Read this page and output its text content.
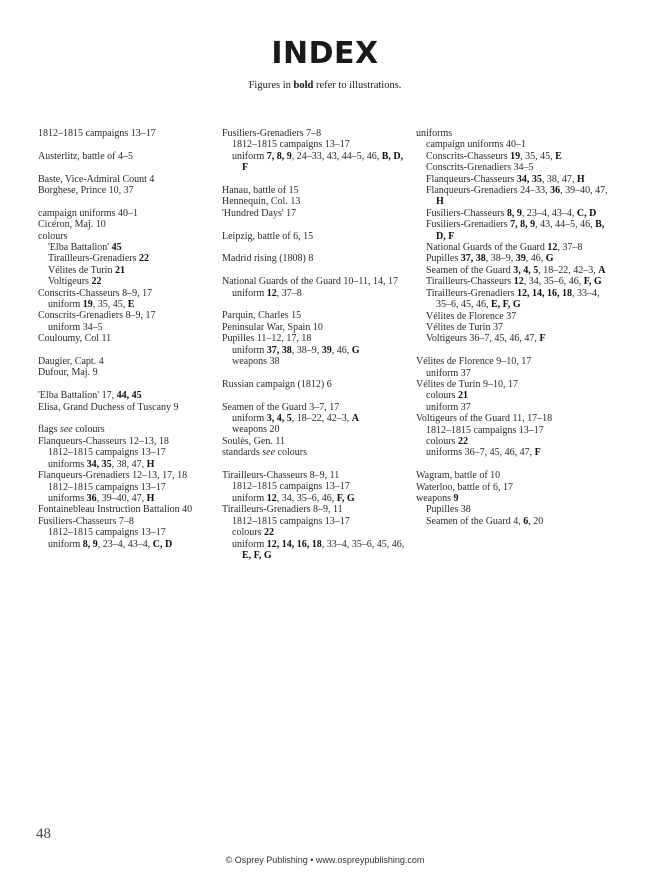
INDEX
Figures in bold refer to illustrations.
1812–1815 campaigns 13–17
Austerlitz, battle of 4–5
Baste, Vice-Admiral Count 4
Borghese, Prince 10, 37
campaign uniforms 40–1
Cicéron, Maj. 10
colours
'Elba Battalion' 45
Tirailleurs-Grenadiers 22
Vélites de Turin 21
Voltigeurs 22
Conscrits-Chasseurs 8–9, 17
uniform 19, 35, 45, E
Conscrits-Grenadiers 8–9, 17
uniform 34–5
Couloumy, Col 11
Daugier, Capt. 4
Dufour, Maj. 9
'Elba Battalion' 17, 44, 45
Elisa, Grand Duchess of Tuscany 9
flags see colours
Flanqueurs-Chasseurs 12–13, 18
1812–1815 campaigns 13–17
uniforms 34, 35, 38, 47, H
Flanqueurs-Grenadiers 12–13, 17, 18
1812–1815 campaigns 13–17
uniforms 36, 39–40, 47, H
Fontainebleau Instruction Battalion 40
Fusiliers-Chasseurs 7–8
1812–1815 campaigns 13–17
uniform 8, 9, 23–4, 43–4, C, D
Fusiliers-Grenadiers 7–8
1812–1815 campaigns 13–17
uniform 7, 8, 9, 24–33, 43, 44–5, 46, B, D, F
Hanau, battle of 15
Hennequin, Col. 13
'Hundred Days' 17
Leipzig, battle of 6, 15
Madrid rising (1808) 8
National Guards of the Guard 10–11, 14, 17
uniform 12, 37–8
Parquin, Charles 15
Peninsular War, Spain 10
Pupilles 11–12, 17, 18
uniform 37, 38, 38–9, 39, 46, G
weapons 38
Russian campaign (1812) 6
Seamen of the Guard 3–7, 17
uniform 3, 4, 5, 18–22, 42–3, A
weapons 20
Soulès, Gen. 11
standards see colours
Tirailleurs-Chasseurs 8–9, 11
1812–1815 campaigns 13–17
uniform 12, 34, 35–6, 46, F, G
Tirailleurs-Grenadiers 8–9, 11
1812–1815 campaigns 13–17
colours 22
uniform 12, 14, 16, 18, 33–4, 35–6, 45, 46, E, F, G
uniforms
campaign uniforms 40–1
Conscrits-Chasseurs 19, 35, 45, E
Conscrits-Grenadiers 34–5
Flanqueurs-Chasseurs 34, 35, 38, 47, H
Flanqueurs-Grenadiers 24–33, 36, 39–40, 47, H
Fusiliers-Chasseurs 8, 9, 23–4, 43–4, C, D
Fusiliers-Grenadiers 7, 8, 9, 43, 44–5, 46, B, D, F
National Guards of the Guard 12, 37–8
Pupilles 37, 38, 38–9, 39, 46, G
Seamen of the Guard 3, 4, 5, 18–22, 42–3, A
Tirailleurs-Chasseurs 12, 34, 35–6, 46, F, G
Tirailleurs-Grenadiers 12, 14, 16, 18, 33–4, 35–6, 45, 46, E, F, G
Vélites de Florence 37
Vélites de Turin 37
Voltigeurs 36–7, 45, 46, 47, F
Vélites de Florence 9–10, 17
uniform 37
Vélites de Turin 9–10, 17
colours 21
uniform 37
Voltigeurs of the Guard 11, 17–18
1812–1815 campaigns 13–17
colours 22
uniforms 36–7, 45, 46, 47, F
Wagram, battle of 10
Waterloo, battle of 6, 17
weapons 9
Pupilles 38
Seamen of the Guard 4, 6, 20
48
© Osprey Publishing • www.ospreypublishing.com
